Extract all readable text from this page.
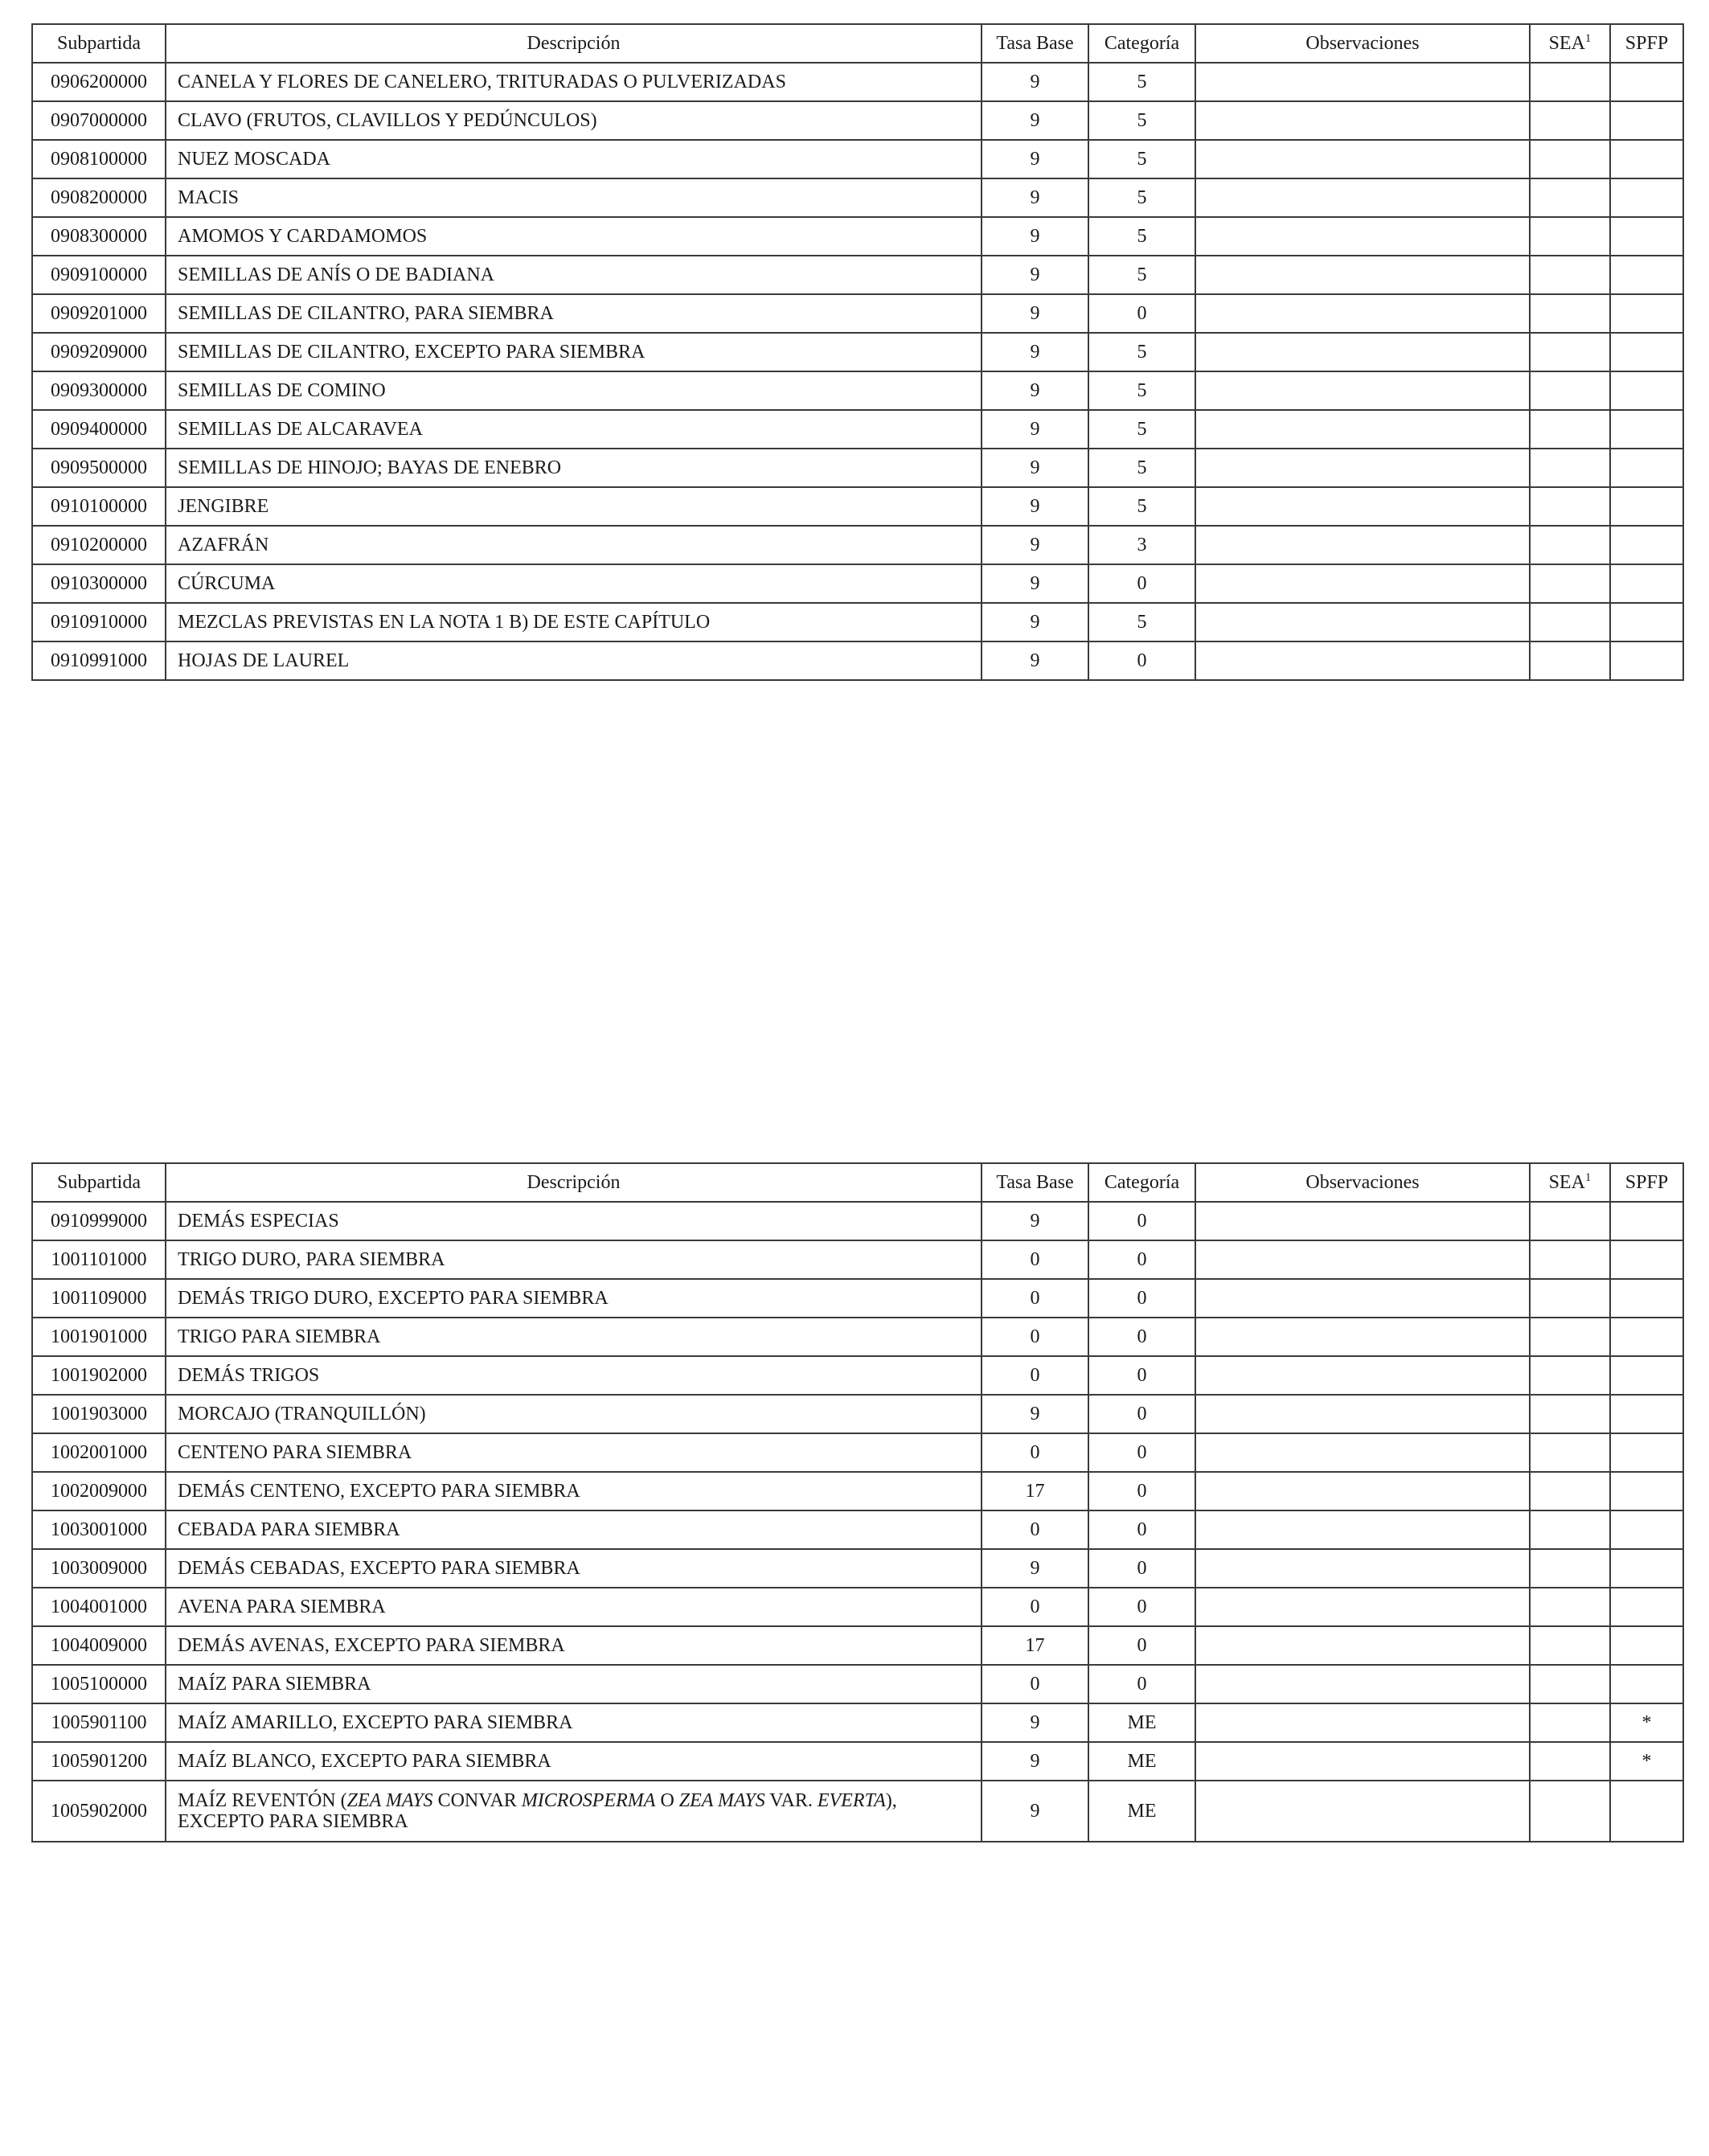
Subpartida	Descripción	Tasa Base	Categoría	Observaciones	SEA$^1$	SPFP
0906200000	CANELA Y FLORES DE CANELERO, TRITURADAS O PULVERIZADAS	9	5			
0907000000	CLAVO (FRUTOS, CLAVILLOS Y PEDÚNCULOS)	9	5			
0908100000	NUEZ MOSCADA	9	5			
0908200000	MACIS	9	5			
0908300000	AMOMOS Y CARDAMOMOS	9	5			
0909100000	SEMILLAS DE ANÍS O DE BADIANA	9	5			
0909201000	SEMILLAS DE CILANTRO, PARA SIEMBRA	9	0			
0909209000	SEMILLAS DE CILANTRO, EXCEPTO PARA SIEMBRA	9	5			
0909300000	SEMILLAS DE COMINO	9	5			
0909400000	SEMILLAS DE ALCARAVEA	9	5			
0909500000	SEMILLAS DE HINOJO; BAYAS DE ENEBRO	9	5			
0910100000	JENGIBRE	9	5			
0910200000	AZAFRÁN	9	3			
0910300000	CÚRCUMA	9	0			
0910910000	MEZCLAS PREVISTAS EN LA NOTA 1 B) DE ESTE CAPÍTULO	9	5			
0910991000	HOJAS DE LAUREL	9	0			
Subpartida	Descripción	Tasa Base	Categoría	Observaciones	SEA$^1$	SPFP
0910999000	DEMÁS ESPECIAS	9	0			
1001101000	TRIGO DURO, PARA SIEMBRA	0	0			
1001109000	DEMÁS TRIGO DURO, EXCEPTO PARA SIEMBRA	0	0			
1001901000	TRIGO PARA SIEMBRA	0	0			
1001902000	DEMÁS TRIGOS	0	0			
1001903000	MORCAJO (TRANQUILLÓN)	9	0			
1002001000	CENTENO PARA SIEMBRA	0	0			
1002009000	DEMÁS CENTENO, EXCEPTO PARA SIEMBRA	17	0			
1003001000	CEBADA PARA SIEMBRA	0	0			
1003009000	DEMÁS CEBADAS, EXCEPTO PARA SIEMBRA	9	0			
1004001000	AVENA PARA SIEMBRA	0	0			
1004009000	DEMÁS AVENAS, EXCEPTO PARA SIEMBRA	17	0			
1005100000	MAÍZ PARA SIEMBRA	0	0			
1005901100	MAÍZ AMARILLO, EXCEPTO PARA SIEMBRA	9	ME			*
1005901200	MAÍZ BLANCO, EXCEPTO PARA SIEMBRA	9	ME			*
1005902000	MAÍZ REVENTÓN (ZEA MAYS CONVAR MICROSPERMA O ZEA MAYS VAR. EVERTA),
EXCEPTO PARA SIEMBRA	9	ME			
